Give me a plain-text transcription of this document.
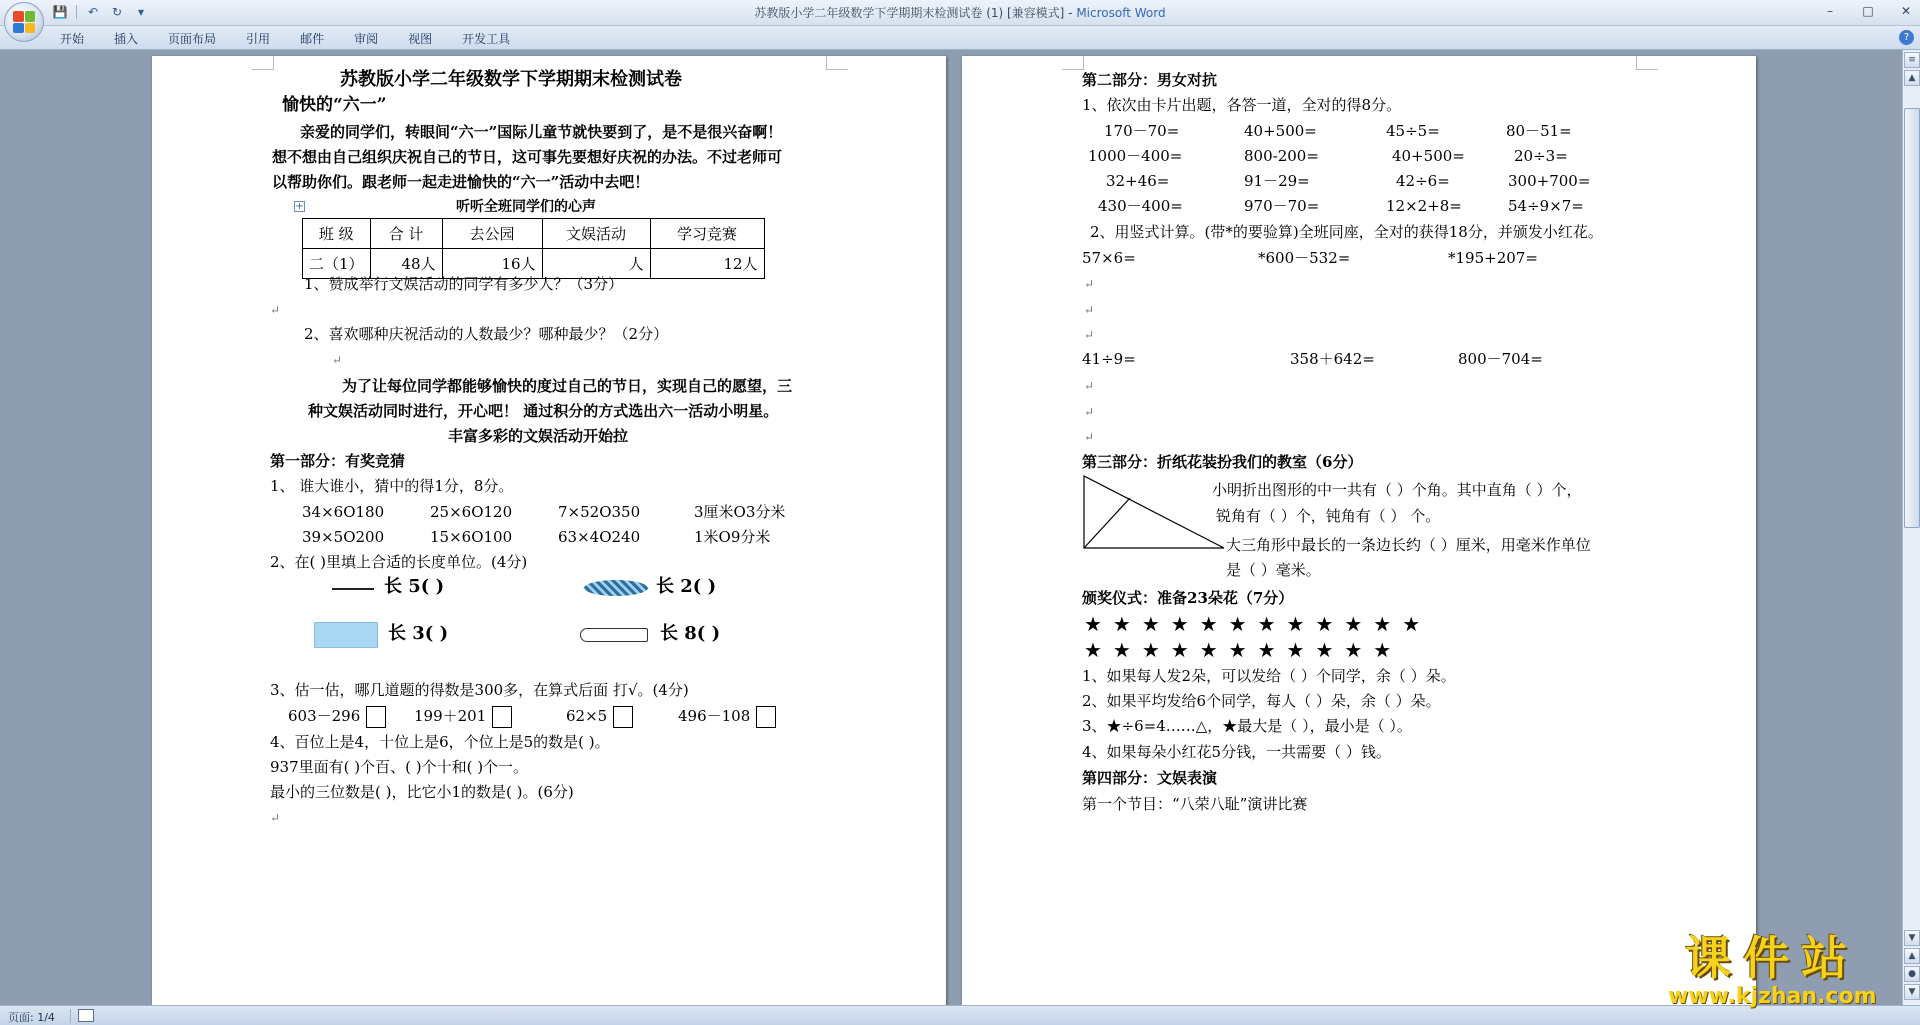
💾 ↶ ↻	▾	苏教版小学二年级数学下学期期末检测试卷 (1) [兼容模式] - Microsoft Word	–	□ ✕
开始	插入	页面布局	引用	邮件	审阅	视图	开发工具	?
苏教版小学二年级数学下学期期末检测试卷
愉快的“六一”
亲爱的同学们，转眼间“六一”国际儿童节就快要到了，是不是很兴奋啊！
想不想由自己组织庆祝自己的节日，这可事先要想好庆祝的办法。不过老师可
以帮助你们。跟老师一起走进愉快的“六一”活动中去吧！
听听全班同学们的心声
+
班 级	合 计	去公园	文娱活动	学习竞赛
二（1）	48人	16人	人	12人
1、赞成举行文娱活动的同学有多少人？（3分）
↵
2、喜欢哪种庆祝活动的人数最少？哪种最少？（2分）
↵
为了让每位同学都能够愉快的度过自己的节日，实现自己的愿望，三
种文娱活动同时进行，开心吧！ 通过积分的方式选出六一活动小明星。
丰富多彩的文娱活动开始拉
第一部分：有奖竞猜
1、 谁大谁小，猜中的得1分，8分。
34×6O180	25×6O120	7×52O350	3厘米O3分米
39×5O200	15×6O100	63×4O240	1米O9分米
2、在( )里填上合适的长度单位。(4分)
长 5( )	长 2( )
长 3( )	长 8( )
3、估一估，哪几道题的得数是300多，在算式后面 打√。(4分)
603－296	199＋201	62×5	496－108
4、百位上是4，十位上是6，个位上是5的数是( )。
937里面有( )个百、( )个十和( )个一。
最小的三位数是( )，比它小1的数是( )。(6分)
↵
第二部分：男女对抗
1、依次由卡片出题，各答一道，全对的得8分。
170－70=	40+500=	45÷5=	80－51=
1000－400=	800-200=	40+500=	20÷3=
32+46=	91－29=	42÷6=	300+700=
430－400=	970－70=	12×2+8=	54÷9×7=
2、用竖式计算。(带*的要验算)全班同座，全对的获得18分，并颁发小红花。
57×6=	*600－532=	*195+207=
↵
↵
↵
41÷9=	358＋642=	800－704=
↵
↵
↵
第三部分：折纸花装扮我们的教室（6分）
小明折出图形的中一共有（ ）个角。其中直角（ ）个，
锐角有（ ）个，钝角有（ ） 个。
大三角形中最长的一条边长约（ ）厘米，用毫米作单位
是（ ）毫米。
颁奖仪式：准备23朵花（7分）
★★★★★★★★★★★★
★★★★★★★★★★★
1、如果每人发2朵，可以发给（ ）个同学，余（ ）朵。
2、如果平均发给6个同学，每人（ ）朵，余（ ）朵。
3、★÷6=4……△，★最大是（ ），最小是（ ）。
4、如果每朵小红花5分钱，一共需要（ ）钱。
第四部分：文娱表演
第一个节目：“八荣八耻”演讲比赛
≡
▲
▼
▲
●
▼
页面: 1/4
课件站
www.kjzhan.com
